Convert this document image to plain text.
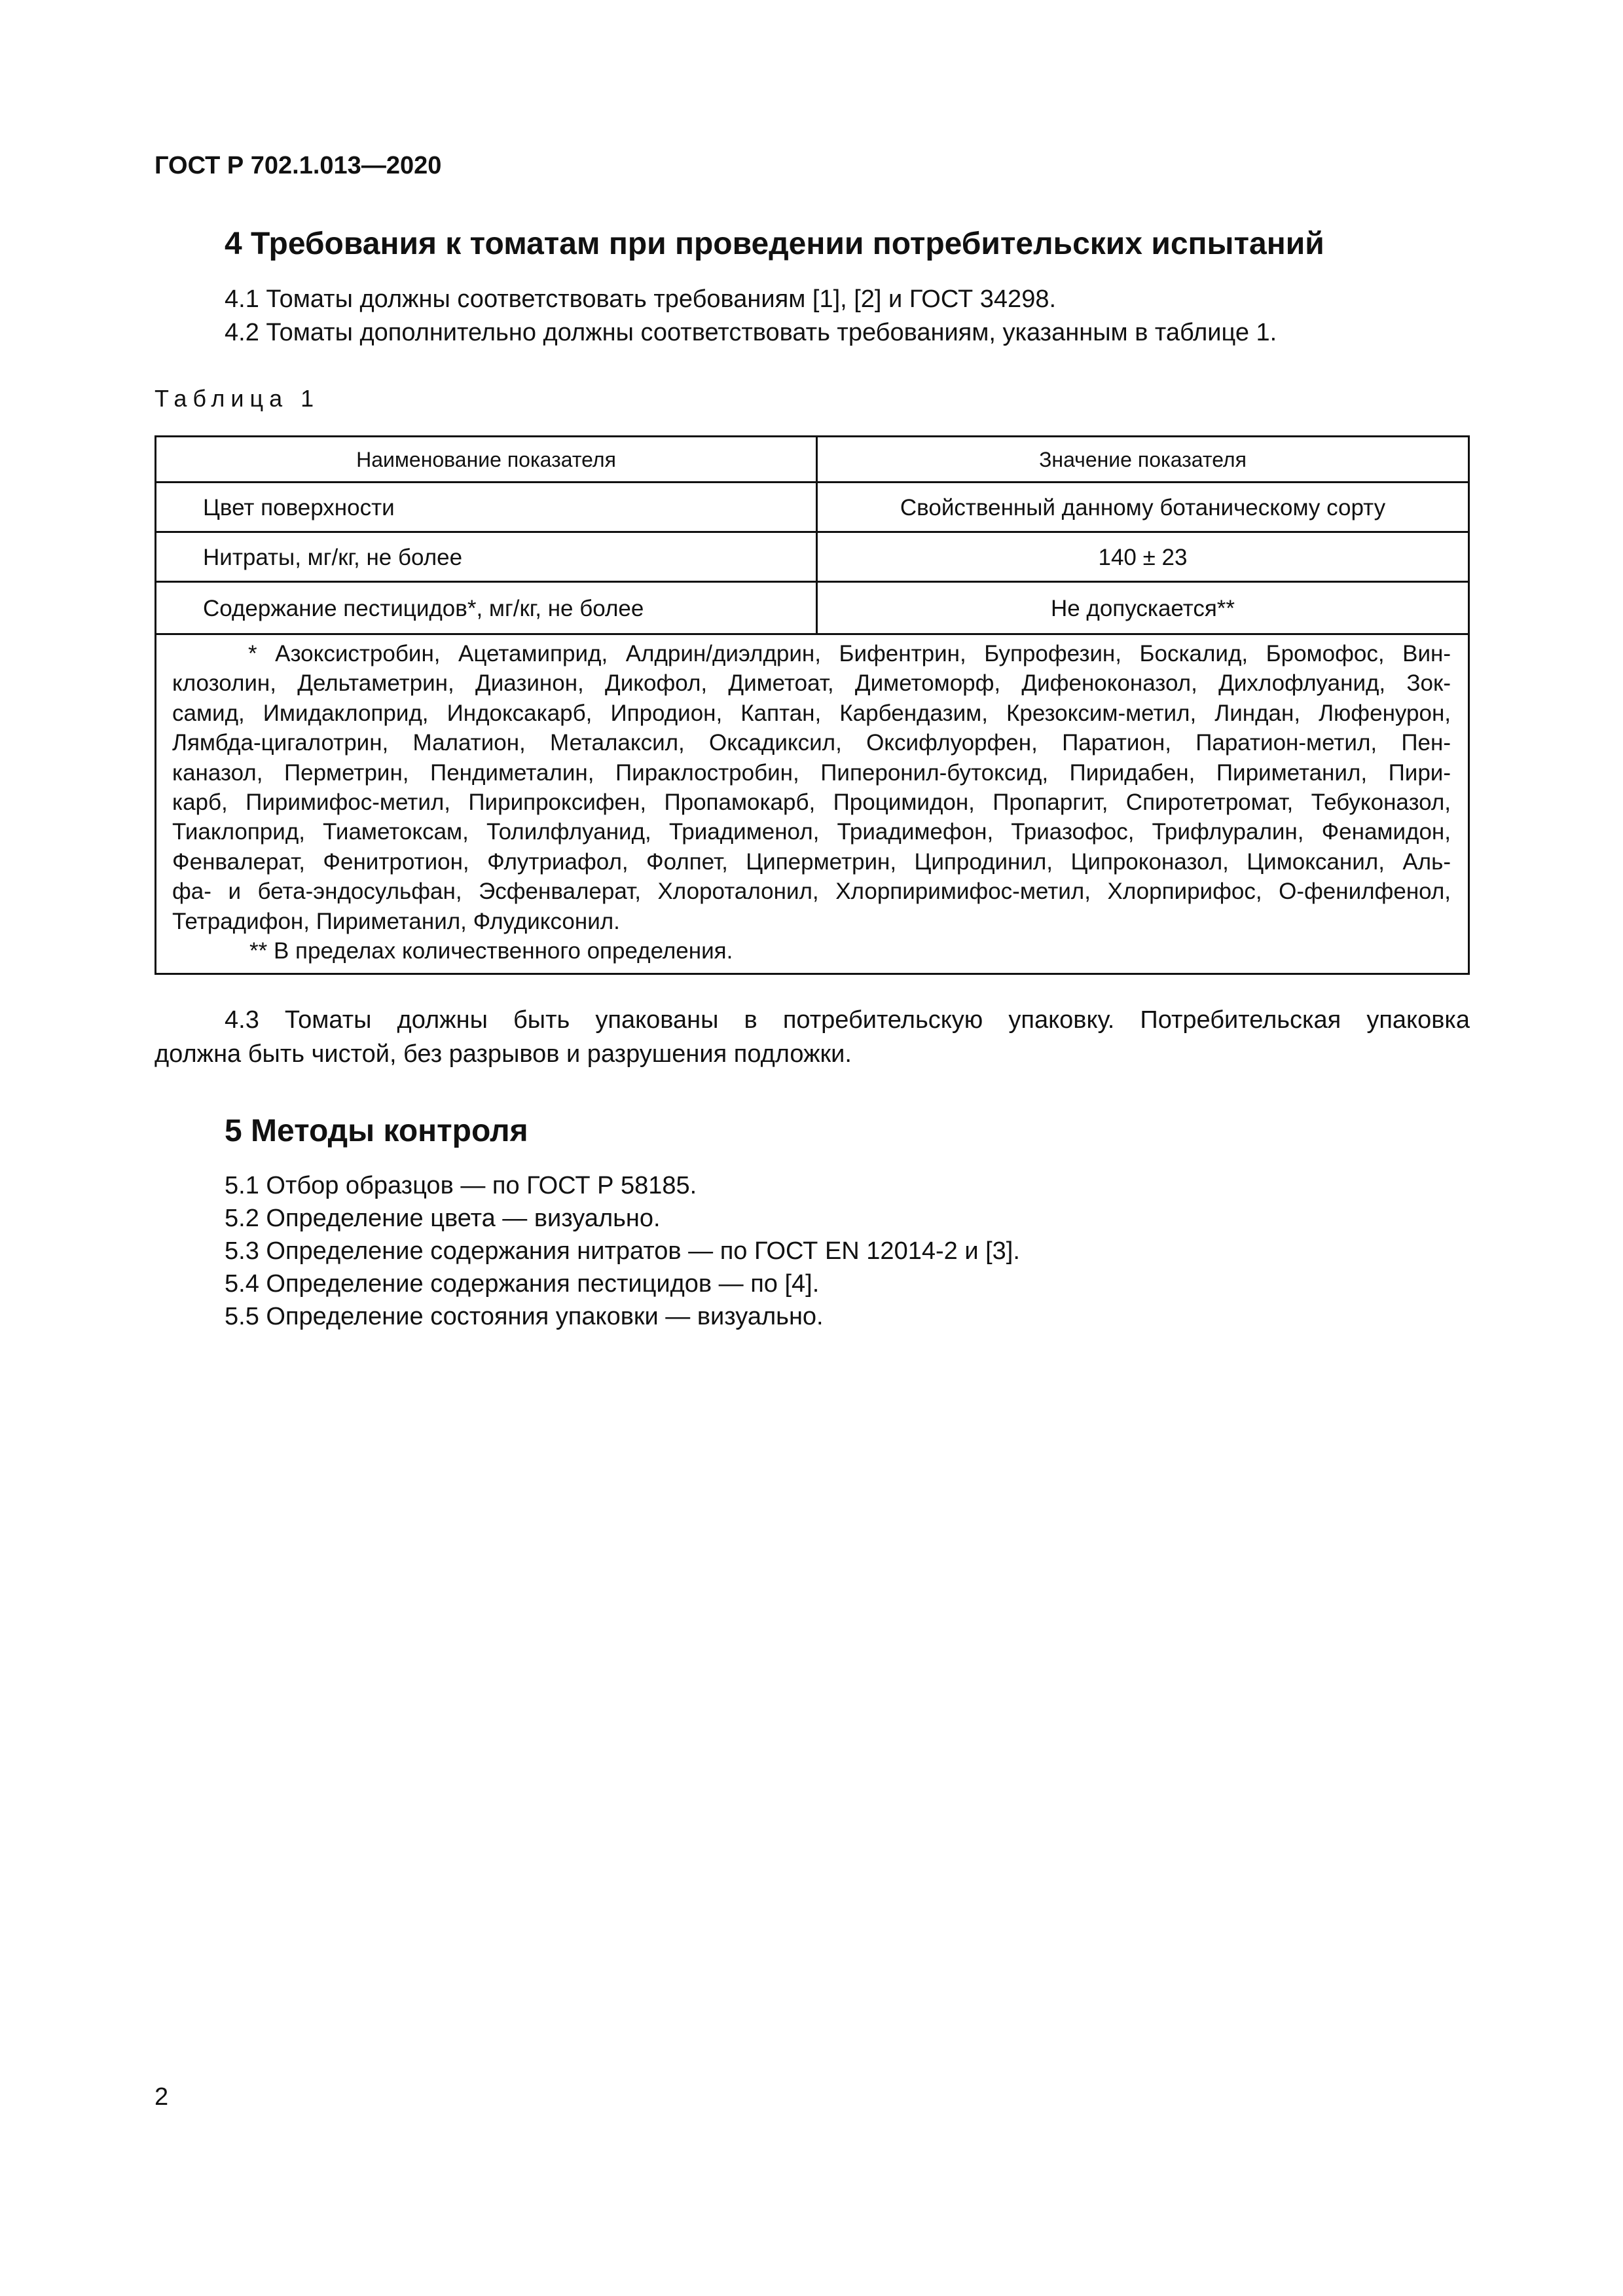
ГОСТ Р 702.1.013—2020
4 Требования к томатам при проведении потребительских испытаний
4.1 Томаты должны соответствовать требованиям [1], [2] и ГОСТ 34298.
4.2 Томаты дополнительно должны соответствовать требованиям, указанным в таблице 1.
Таблица 1
Наименование показателя	Значение показателя
Цвет поверхности	Свойственный данному ботаническому сорту
Нитраты, мг/кг, не более	140 ± 23
Содержание пестицидов*, мг/кг, не более	Не допускается**

* Азоксистробин, Ацетамиприд, Алдрин/диэлдрин, Бифентрин, Бупрофезин, Боскалид, Бромофос, Вин-

клозолин, Дельтаметрин, Диазинон, Дикофол, Диметоат, Диметоморф, Дифеноконазол, Дихлофлуанид, Зок-

самид, Имидаклоприд, Индоксакарб, Ипродион, Каптан, Карбендазим, Крезоксим-метил, Линдан, Люфенурон,

Лямбда-цигалотрин, Малатион, Металаксил, Оксадиксил, Оксифлуорфен, Паратион, Паратион-метил, Пен-

каназол, Перметрин, Пендиметалин, Пираклостробин, Пиперонил-бутоксид, Пиридабен, Пириметанил, Пири-

карб, Пиримифос-метил, Пирипроксифен, Пропамокарб, Процимидон, Пропаргит, Спиротетромат, Тебуконазол,

Тиаклоприд, Тиаметоксам, Толилфлуанид, Триадименол, Триадимефон, Триазофос, Трифлуралин, Фенамидон,

Фенвалерат, Фенитротион, Флутриафол, Фолпет, Циперметрин, Ципродинил, Ципроконазол, Цимоксанил, Аль-

фа- и бета-эндосульфан, Эсфенвалерат, Хлороталонил, Хлорпиримифос-метил, Хлорпирифос, О-фенилфенол,

Тетрадифон, Пириметанил, Флудиксонил.

** В пределах количественного определения.

4.3 Томаты должны быть упакованы в потребительскую упаковку. Потребительская упаковка

должна быть чистой, без разрывов и разрушения подложки.

5 Методы контроля
5.1 Отбор образцов — по ГОСТ Р 58185.
5.2 Определение цвета — визуально.
5.3 Определение содержания нитратов — по ГОСТ EN 12014-2 и [3].
5.4 Определение содержания пестицидов — по [4].
5.5 Определение состояния упаковки — визуально.
2
